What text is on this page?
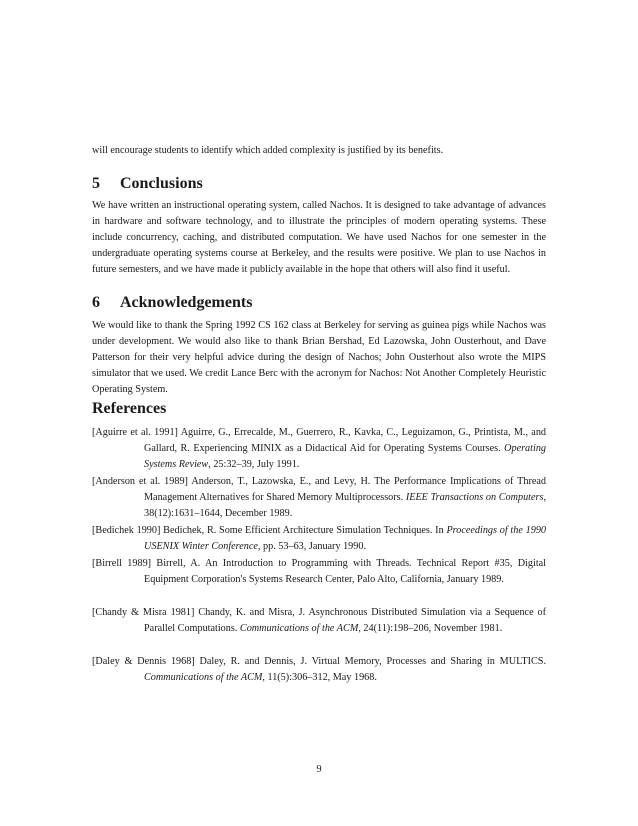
will encourage students to identify which added complexity is justified by its benefits.

5 Conclusions

We have written an instructional operating system, called Nachos. It is designed to take advantage of advances in hardware and software technology, and to illustrate the principles of modern operating systems. These include concurrency, caching, and distributed computation. We have used Nachos for one semester in the undergraduate operating systems course at Berkeley, and the results were positive. We plan to use Nachos in future semesters, and we have made it publicly available in the hope that others will also find it useful.

6 Acknowledgements

We would like to thank the Spring 1992 CS 162 class at Berkeley for serving as guinea pigs while Nachos was under development. We would also like to thank Brian Bershad, Ed Lazowska, John Ousterhout, and Dave Patterson for their very helpful advice during the design of Nachos; John Ousterhout also wrote the MIPS simulator that we used. We credit Lance Berc with the acronym for Nachos: Not Another Completely Heuristic Operating System.

References
[Aguirre et al. 1991] Aguirre, G., Errecalde, M., Guerrero, R., Kavka, C., Leguizamon, G., Printista, M., and Gallard, R. Experiencing MINIX as a Didactical Aid for Operating Systems Courses. Operating Systems Review, 25:32–39, July 1991.
[Anderson et al. 1989] Anderson, T., Lazowska, E., and Levy, H. The Performance Implications of Thread Management Alternatives for Shared Memory Multiprocessors. IEEE Transactions on Computers, 38(12):1631–1644, December 1989.
[Bedichek 1990] Bedichek, R. Some Efficient Architecture Simulation Techniques. In Proceedings of the 1990 USENIX Winter Conference, pp. 53–63, January 1990.
[Birrell 1989] Birrell, A. An Introduction to Programming with Threads. Technical Report #35, Digital Equipment Corporation's Systems Research Center, Palo Alto, California, January 1989.
[Chandy & Misra 1981] Chandy, K. and Misra, J. Asynchronous Distributed Simulation via a Sequence of Parallel Computations. Communications of the ACM, 24(11):198–206, November 1981.
[Daley & Dennis 1968] Daley, R. and Dennis, J. Virtual Memory, Processes and Sharing in MULTICS. Communications of the ACM, 11(5):306–312, May 1968.
9
